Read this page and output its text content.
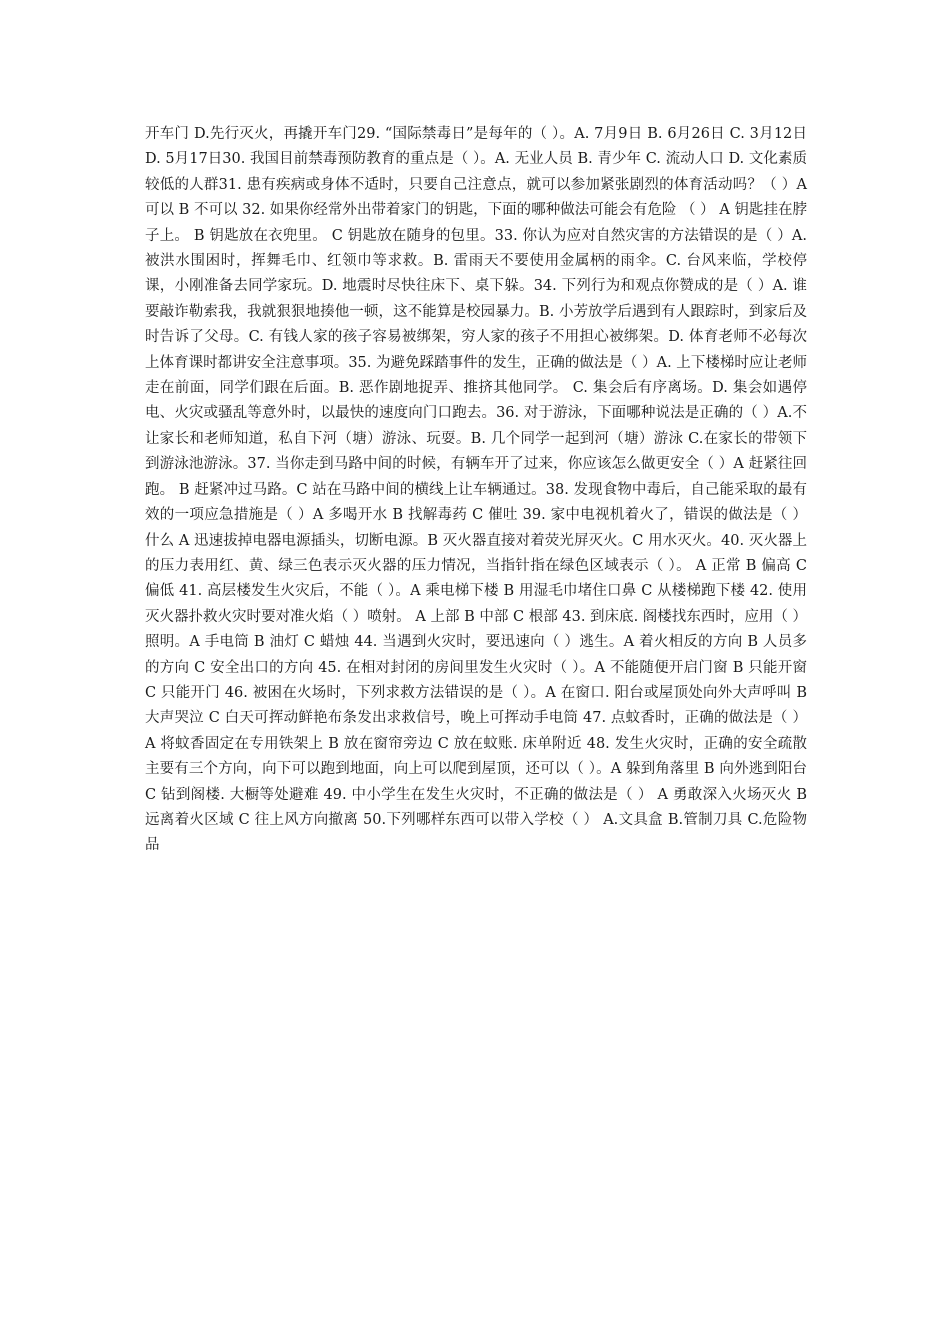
开车门 D.先行灭火，再撬开车门29. “国际禁毒日”是每年的（ ）。A. 7月9日 B. 6月26日 C. 3月12日 D. 5月17日30. 我国目前禁毒预防教育的重点是（ ）。A. 无业人员 B. 青少年 C. 流动人口 D. 文化素质较低的人群31. 患有疾病或身体不适时，只要自己注意点，就可以参加紧张剧烈的体育活动吗？（ ）A 可以 B 不可以 32. 如果你经常外出带着家门的钥匙，下面的哪种做法可能会有危险 （ ） A 钥匙挂在脖子上。 B 钥匙放在衣兜里。 C 钥匙放在随身的包里。33. 你认为应对自然灾害的方法错误的是（ ）A. 被洪水围困时，挥舞毛巾、红领巾等求救。B. 雷雨天不要使用金属柄的雨伞。C. 台风来临，学校停课，小刚准备去同学家玩。D. 地震时尽快往床下、桌下躲。34. 下列行为和观点你赞成的是（ ）A. 谁要敲诈勒索我，我就狠狠地揍他一顿，这不能算是校园暴力。B. 小芳放学后遇到有人跟踪时，到家后及时告诉了父母。C. 有钱人家的孩子容易被绑架，穷人家的孩子不用担心被绑架。D. 体育老师不必每次上体育课时都讲安全注意事项。35. 为避免踩踏事件的发生，正确的做法是（ ）A. 上下楼梯时应让老师走在前面，同学们跟在后面。B. 恶作剧地捉弄、推挤其他同学。 C. 集会后有序离场。D. 集会如遇停电、火灾或骚乱等意外时，以最快的速度向门口跑去。36. 对于游泳，下面哪种说法是正确的（ ）A.不让家长和老师知道，私自下河（塘）游泳、玩耍。B. 几个同学一起到河（塘）游泳 C.在家长的带领下到游泳池游泳。37. 当你走到马路中间的时候，有辆车开了过来，你应该怎么做更安全（ ）A 赶紧往回跑。 B 赶紧冲过马路。C 站在马路中间的横线上让车辆通过。38. 发现食物中毒后，自己能采取的最有效的一项应急措施是（ ）A 多喝开水 B 找解毒药 C 催吐 39. 家中电视机着火了，错误的做法是（ ）什么 A 迅速拔掉电器电源插头，切断电源。B 灭火器直接对着荧光屏灭火。C 用水灭火。40. 灭火器上的压力表用红、黄、绿三色表示灭火器的压力情况，当指针指在绿色区域表示（ ）。 A 正常 B 偏高 C 偏低 41. 高层楼发生火灾后，不能（ ）。A 乘电梯下楼 B 用湿毛巾堵住口鼻 C 从楼梯跑下楼 42. 使用灭火器扑救火灾时要对准火焰（ ）喷射。 A 上部 B 中部 C 根部 43. 到床底. 阁楼找东西时，应用（ ）照明。A 手电筒 B 油灯 C 蜡烛 44. 当遇到火灾时，要迅速向（ ）逃生。A 着火相反的方向 B 人员多的方向 C 安全出口的方向 45. 在相对封闭的房间里发生火灾时（ ）。A 不能随便开启门窗 B 只能开窗 C 只能开门 46. 被困在火场时，下列求救方法错误的是（ ）。A 在窗口. 阳台或屋顶处向外大声呼叫 B 大声哭泣 C 白天可挥动鲜艳布条发出求救信号，晚上可挥动手电筒 47. 点蚊香时，正确的做法是（ ）A 将蚊香固定在专用铁架上 B 放在窗帘旁边 C 放在蚊账. 床单附近 48. 发生火灾时，正确的安全疏散主要有三个方向，向下可以跑到地面，向上可以爬到屋顶，还可以（ ）。A 躲到角落里 B 向外逃到阳台 C 钻到阁楼. 大橱等处避难 49. 中小学生在发生火灾时，不正确的做法是（ ） A 勇敢深入火场灭火 B 远离着火区域 C 往上风方向撤离 50.下列哪样东西可以带入学校（ ） A.文具盒 B.管制刀具 C.危险物品
